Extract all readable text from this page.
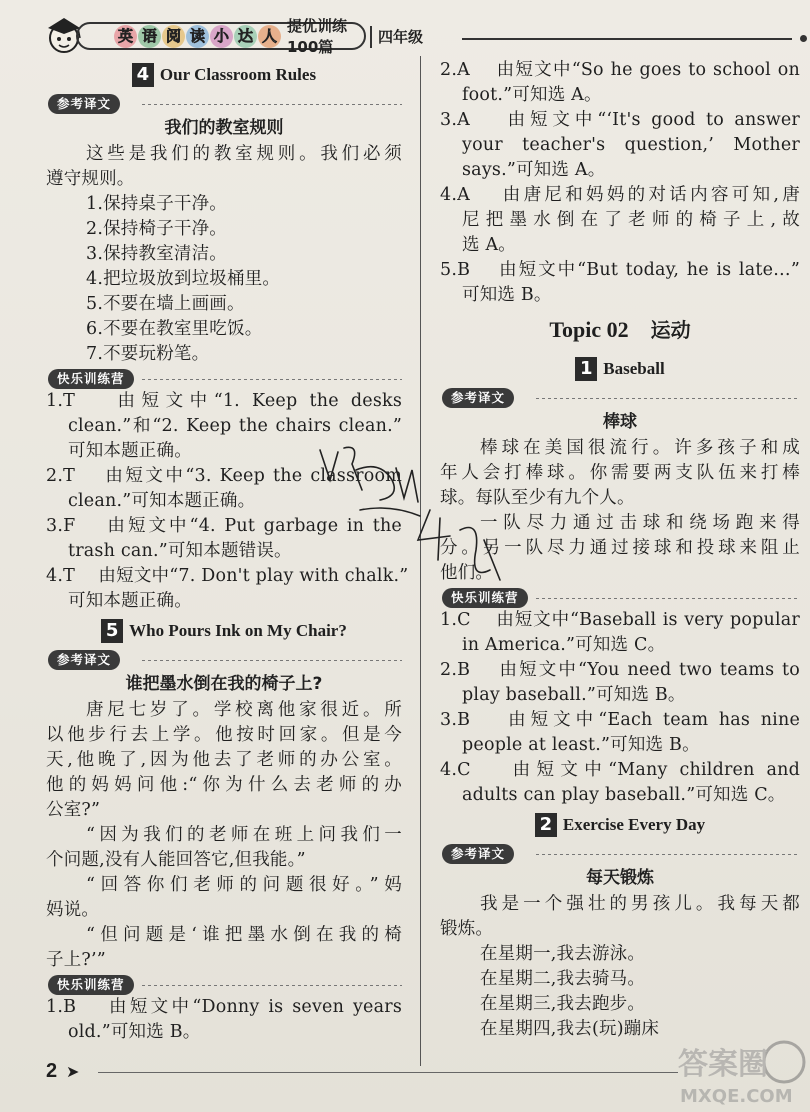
英 语 阅 读 小 达 人
提优训练100篇
四年级
4 Our Classroom Rules
参考译文
我们的教室规则
这些是我们的教室规则。我们必须
遵守规则。
1.保持桌子干净。
2.保持椅子干净。
3.保持教室清洁。
4.把垃圾放到垃圾桶里。
5.不要在墙上画画。
6.不要在教室里吃饭。
7.不要玩粉笔。
快乐训练营
1.T　 由短文中“1. Keep the desks
clean.”和“2. Keep the chairs clean.”
可知本题正确。
2.T　 由短文中“3. Keep the classroom
clean.”可知本题正确。
3.F　 由短文中“4. Put garbage in the
trash can.”可知本题错误。
4.T　 由短文中“7. Don't play with chalk.”
可知本题正确。
5 Who Pours Ink on My Chair?
参考译文
谁把墨水倒在我的椅子上?
唐尼七岁了。学校离他家很近。所
以他步行去上学。他按时回家。但是今
天,他晚了,因为他去了老师的办公室。
他的妈妈问他:“你为什么去老师的办
公室?”
“因为我们的老师在班上问我们一
个问题,没有人能回答它,但我能。”
“回答你们老师的问题很好。”妈
妈说。
“但问题是‘谁把墨水倒在我的椅
子上?’”
快乐训练营
1.B　 由短文中“Donny is seven years
old.”可知选 B。
2.A　 由短文中“So he goes to school on
foot.”可知选 A。
3.A　 由短文中“‘It's good to answer
your teacher's question,’ Mother
says.”可知选 A。
4.A　 由唐尼和妈妈的对话内容可知,唐
尼把墨水倒在了老师的椅子上,故
选 A。
5.B　 由短文中“But today, he is late…”
可知选 B。
Topic 02 运动
1 Baseball
参考译文
棒球
棒球在美国很流行。许多孩子和成
年人会打棒球。你需要两支队伍来打棒
球。每队至少有九个人。
一队尽力通过击球和绕场跑来得
分。另一队尽力通过接球和投球来阻止
他们。
快乐训练营
1.C　 由短文中“Baseball is very popular
in America.”可知选 C。
2.B　 由短文中“You need two teams to
play baseball.”可知选 B。
3.B　 由短文中“Each team has nine
people at least.”可知选 B。
4.C　 由短文中“Many children and
adults can play baseball.”可知选 C。
2 Exercise Every Day
参考译文
每天锻炼
我是一个强壮的男孩儿。我每天都
锻炼。
在星期一,我去游泳。
在星期二,我去骑马。
在星期三,我去跑步。
在星期四,我去(玩)蹦床
答案圈
MXQE.COM
2 ➤
